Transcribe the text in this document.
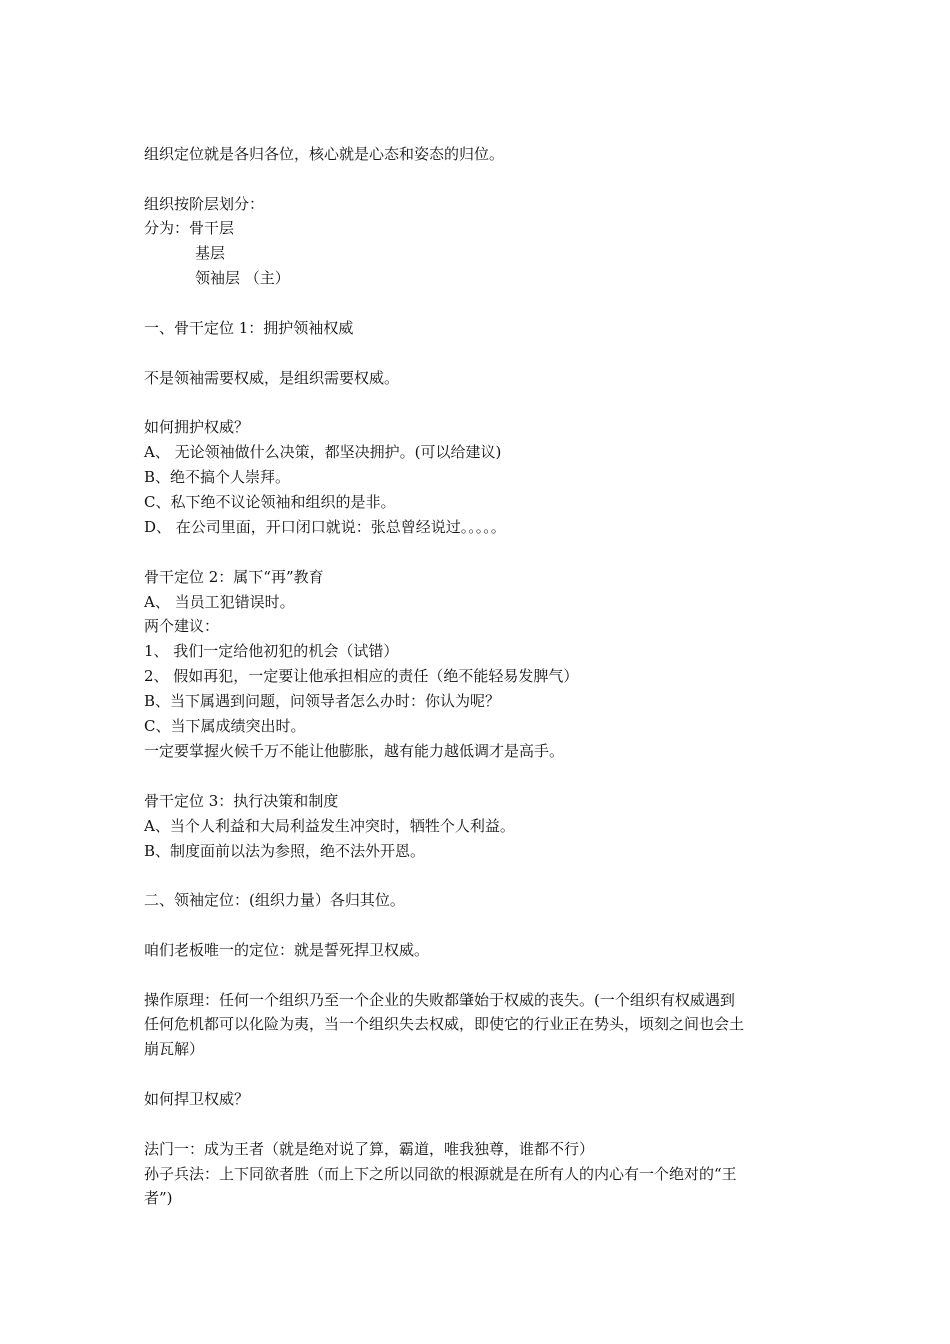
组织定位就是各归各位，核心就是心态和姿态的归位。
组织按阶层划分：
分为：骨干层
基层
领袖层 （主）
一、骨干定位 1：拥护领袖权威
不是领袖需要权威，是组织需要权威。
如何拥护权威？
A、 无论领袖做什么决策，都坚决拥护。(可以给建议)
B、绝不搞个人崇拜。
C、私下绝不议论领袖和组织的是非。
D、 在公司里面，开口闭口就说：张总曾经说过。。。。。
骨干定位 2：属下“再”教育
A、 当员工犯错误时。
两个建议：
1、 我们一定给他初犯的机会（试错）
2、 假如再犯，一定要让他承担相应的责任（绝不能轻易发脾气）
B、当下属遇到问题，问领导者怎么办时：你认为呢？
C、当下属成绩突出时。
一定要掌握火候千万不能让他膨胀，越有能力越低调才是高手。
骨干定位 3：执行决策和制度
A、当个人利益和大局利益发生冲突时，牺牲个人利益。
B、制度面前以法为参照，绝不法外开恩。
二、领袖定位：(组织力量）各归其位。
咱们老板唯一的定位：就是誓死捍卫权威。
操作原理：任何一个组织乃至一个企业的失败都肇始于权威的丧失。(一个组织有权威遇到
任何危机都可以化险为夷，当一个组织失去权威，即使它的行业正在势头，顷刻之间也会土
崩瓦解）
如何捍卫权威？
法门一：成为王者（就是绝对说了算，霸道，唯我独尊，谁都不行）
孙子兵法：上下同欲者胜（而上下之所以同欲的根源就是在所有人的内心有一个绝对的“王
者”)
